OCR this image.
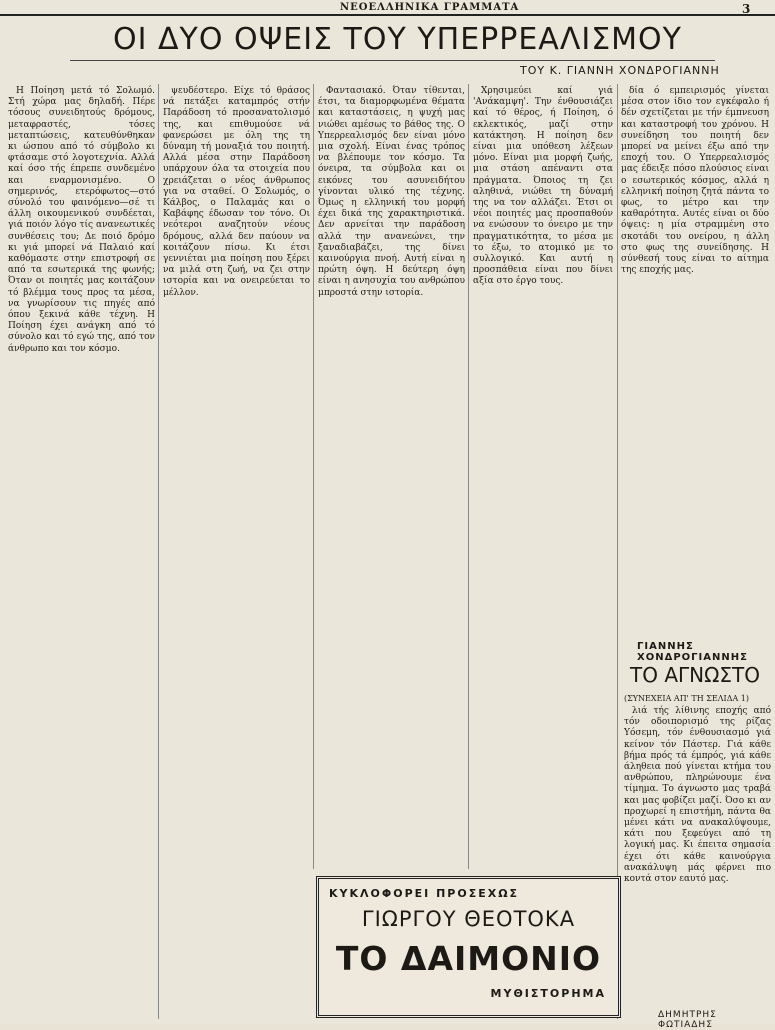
ΝΕΟΕΛΛΗΝΙΚΑ ΓΡΑΜΜΑΤΑ	3
ΟΙ ΔΥΟ ΟΨΕΙΣ ΤΟΥ ΥΠΕΡΡΕΑΛΙΣΜΟΥ
ΤΟΥ Κ. ΓΙΑΝΝΗ ΧΟΝΔΡΟΓΙΑΝΝΗ

Η Ποίηση μετά τό Σολωμό. Στή χώρα μας δηλαδή. Πέρε τόσους συνειδητούς δρόμους, μεταφραστές, τόσες μεταπτώσεις, κατευθύνθηκαν κι ώσπου από τό σύμβολο κι φτάσαμε στό λογοτεχνία. Αλλά καί όσο τής έπρεπε συνδεμένο και εναρμονισμένο. Ο σημερινός, ετερόφωτος—στό σύνολό του φαινόμενο—σέ τι άλλη οικουμενικού συνδέεται, γιά ποιόν λόγο τίς ανανεωτικές συνθέσεις του; Δε ποιό δρόμο κι γιά μπορεί νά Παλαιό καί καθόμαστε στην επιστροφή σε από τα εσωτερικά της φωνής; Όταν οι ποιητές μας κοιτάζουν τό βλέμμα τους προς τα μέσα, να γνωρίσουν τις πηγές από όπου ξεκινά κάθε τέχνη. Η Ποίηση έχει ανάγκη από τό σύνολο και τό εγώ της, από τον άνθρωπο και τον κόσμο.

ψευδέστερο. Είχε τό θράσος νά πετάξει καταμπρός στήν Παράδοση τό προσανατολισμό της, και επιθυμούσε νά φανερώσει με όλη της τη δύναμη τή μοναξιά του ποιητή. Αλλά μέσα στην Παράδοση υπάρχουν όλα τα στοιχεία που χρειάζεται ο νέος άνθρωπος για να σταθεί. Ο Σολωμός, ο Κάλβος, ο Παλαμάς και ο Καβάφης έδωσαν τον τόνο. Οι νεότεροι αναζητούν νέους δρόμους, αλλά δεν παύουν να κοιτάζουν πίσω. Κι έτσι γεννιέται μια ποίηση που ξέρει να μιλά στη ζωή, να ζει στην ιστορία και να ονειρεύεται το μέλλον.

Φαντασιακό. Όταν τίθενται, έτσι, τα διαμορφωμένα θέματα και καταστάσεις, η ψυχή μας νιώθει αμέσως το βάθος της. Ο Υπερρεαλισμός δεν είναι μόνο μια σχολή. Είναι ένας τρόπος να βλέπουμε τον κόσμο. Τα όνειρα, τα σύμβολα και οι εικόνες του ασυνειδήτου γίνονται υλικό της τέχνης. Όμως η ελληνική του μορφή έχει δικά της χαρακτηριστικά. Δεν αρνείται την παράδοση αλλά την ανανεώνει, την ξαναδιαβάζει, της δίνει καινούργια πνοή. Αυτή είναι η πρώτη όψη. Η δεύτερη όψη είναι η ανησυχία του ανθρώπου μπροστά στην ιστορία.

Χρησιμεύει καί γιά 'Ανάκαμψη'. Την ένθουσιάζει καί τό θέρος, ή Ποίηση, ό εκλεκτικός, μαζί στην κατάκτηση. Η ποίηση δεν είναι μια υπόθεση λέξεων μόνο. Είναι μια μορφή ζωής, μια στάση απέναντι στα πράγματα. Όποιος τη ζει αληθινά, νιώθει τη δύναμή της να τον αλλάζει. Έτσι οι νέοι ποιητές μας προσπαθούν να ενώσουν το όνειρο με την πραγματικότητα, το μέσα με το έξω, το ατομικό με το συλλογικό. Και αυτή η προσπάθεια είναι που δίνει αξία στο έργο τους.

δία ό εμπειρισμός γίνεται μέσα στον ίδιο τον εγκέφαλο ή δέν σχετίζεται με τήν έμπνευση και καταστροφή του χρόνου. Η συνείδηση του ποιητή δεν μπορεί να μείνει έξω από την εποχή του. Ο Υπερρεαλισμός μας έδειξε πόσο πλούσιος είναι ο εσωτερικός κόσμος, αλλά η ελληνική ποίηση ζητά πάντα το φως, το μέτρο και την καθαρότητα. Αυτές είναι οι δύο όψεις: η μία στραμμένη στο σκοτάδι του ονείρου, η άλλη στο φως της συνείδησης. Η σύνθεσή τους είναι το αίτημα της εποχής μας.

ΓΙΑΝΝΗΣ ΧΟΝΔΡΟΓΙΑΝΝΗΣ
ΤΟ ΑΓΝΩΣΤΟ
(ΣΥΝΕΧΕΙΑ ΑΠ' ΤΗ ΣΕΛΙΔΑ 1)

λιά τής λίθινης εποχής από τόν οδοιπορισμό της ρίζας Υόσεμη, τόν ένθουσιασμό γιά κείνον τόν Πάστερ. Γιά κάθε βήμα πρός τά έμπρός, γιά κάθε άληθεια πού γίνεται κτήμα του ανθρώπου, πληρώνουμε ένα τίμημα. Το άγνωστο μας τραβά και μας φοβίζει μαζί. Όσο κι αν προχωρεί η επιστήμη, πάντα θα μένει κάτι να ανακαλύψουμε, κάτι που ξεφεύγει από τη λογική μας. Κι έπειτα σημασία έχει ότι κάθε καινούργια ανακάλυψη μάς φέρνει πιο κοντά στον εαυτό μας.

ΔΗΜΗΤΡΗΣ ΦΩΤΙΑΔΗΣ
ΚΥΚΛΟΦΟΡΕΙ ΠΡΟΣΕΧΩΣ
ΓΙΩΡΓΟΥ ΘΕΟΤΟΚΑ
ΤΟ ΔΑΙΜΟΝΙΟ
ΜΥΘΙΣΤΟΡΗΜΑ
